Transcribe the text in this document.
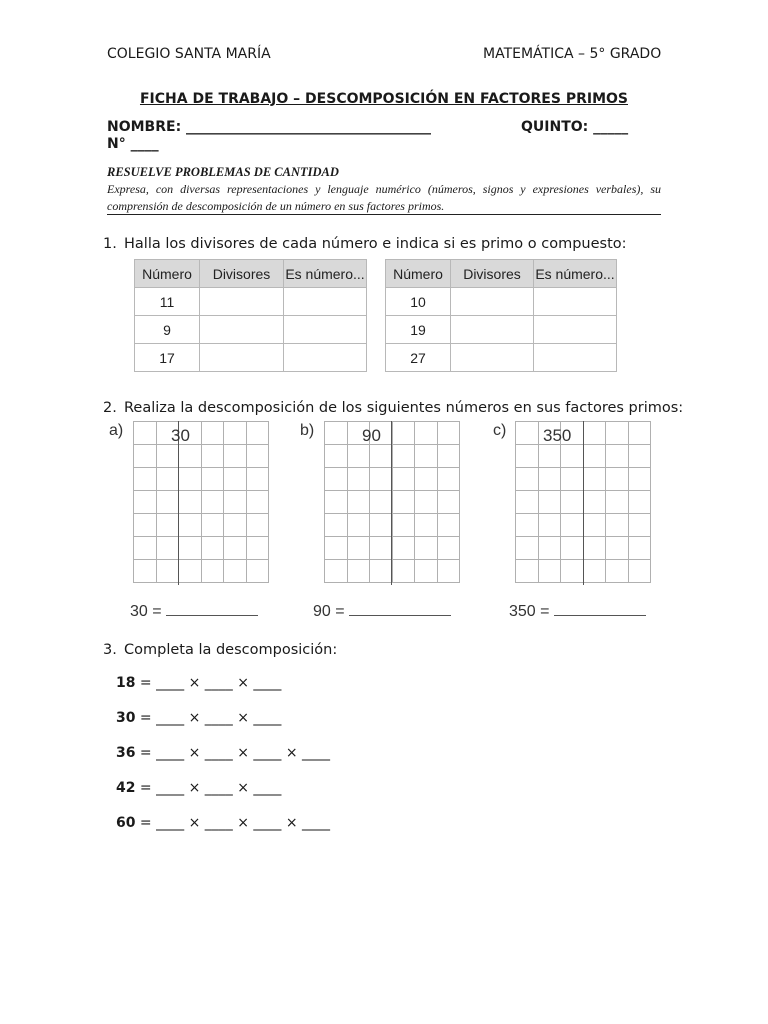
COLEGIO SANTA MARÍA	MATEMÁTICA – 5° GRADO
FICHA DE TRABAJO – DESCOMPOSICIÓN EN FACTORES PRIMOS
NOMBRE: ___________________________________	QUINTO: _____
N° ____
RESUELVE PROBLEMAS DE CANTIDAD
Expresa, con diversas representaciones y lenguaje numérico (números, signos y expresiones verbales), su
comprensión de descomposición de un número en sus factores primos.
1. Halla los divisores de cada número e indica si es primo o compuesto:
Número	Divisores	Es número...
11		
9		
17		
Número	Divisores	Es número...
10		
19		
27		
2. Realiza la descomposición de los siguientes números en sus factores primos:
a)

						30
30 =
b)

						90
90 =
c)

					350
350 =
3. Completa la descomposición:
18 = ____ × ____ × ____
30 = ____ × ____ × ____
36 = ____ × ____ × ____ × ____
42 = ____ × ____ × ____
60 = ____ × ____ × ____ × ____
